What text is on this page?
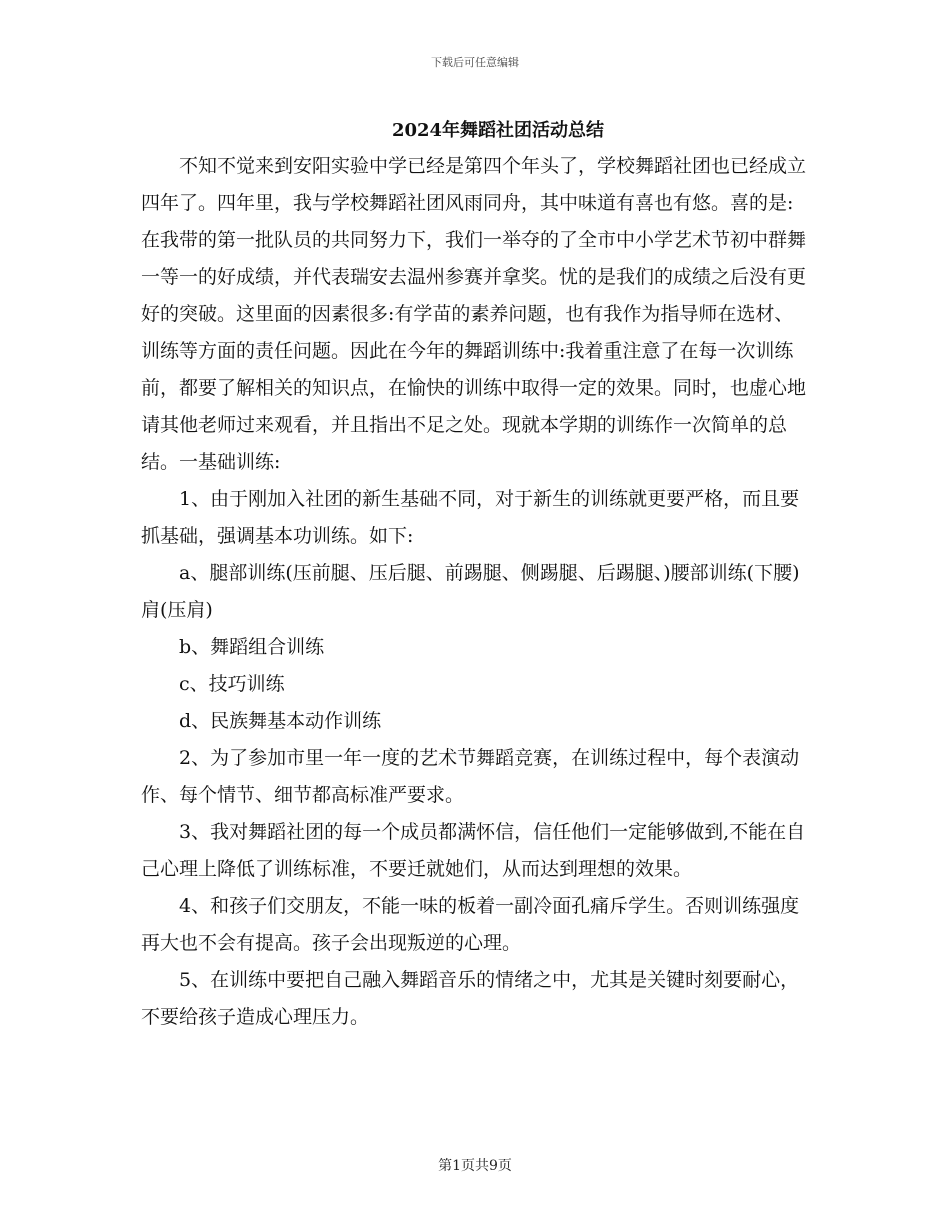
下载后可任意编辑
2024年舞蹈社团活动总结

不知不觉来到安阳实验中学已经是第四个年头了，学校舞蹈社团也已经成立四年了。四年里，我与学校舞蹈社团风雨同舟，其中味道有喜也有悠。喜的是:在我带的第一批队员的共同努力下，我们一举夺的了全市中小学艺术节初中群舞一等一的好成绩，并代表瑞安去温州参赛并拿奖。忧的是我们的成绩之后没有更好的突破。这里面的因素很多:有学苗的素养问题，也有我作为指导师在选材、训练等方面的责任问题。因此在今年的舞蹈训练中:我着重注意了在每一次训练前，都要了解相关的知识点，在愉快的训练中取得一定的效果。同时，也虚心地请其他老师过来观看，并且指出不足之处。现就本学期的训练作一次简单的总结。一基础训练:

1、由于刚加入社团的新生基础不同，对于新生的训练就更要严格，而且要抓基础，强调基本功训练。如下:

a、腿部训练(压前腿、压后腿、前踢腿、侧踢腿、后踢腿、)腰部训练(下腰)肩(压肩)

b、舞蹈组合训练

c、技巧训练

d、民族舞基本动作训练

2、为了参加市里一年一度的艺术节舞蹈竞赛，在训练过程中，每个表演动作、每个情节、细节都高标准严要求。

3、我对舞蹈社团的每一个成员都满怀信，信任他们一定能够做到,不能在自己心理上降低了训练标准，不要迁就她们，从而达到理想的效果。

4、和孩子们交朋友，不能一味的板着一副冷面孔痛斥学生。否则训练强度再大也不会有提高。孩子会出现叛逆的心理。

5、在训练中要把自己融入舞蹈音乐的情绪之中，尤其是关键时刻要耐心，不要给孩子造成心理压力。

第1页共9页
